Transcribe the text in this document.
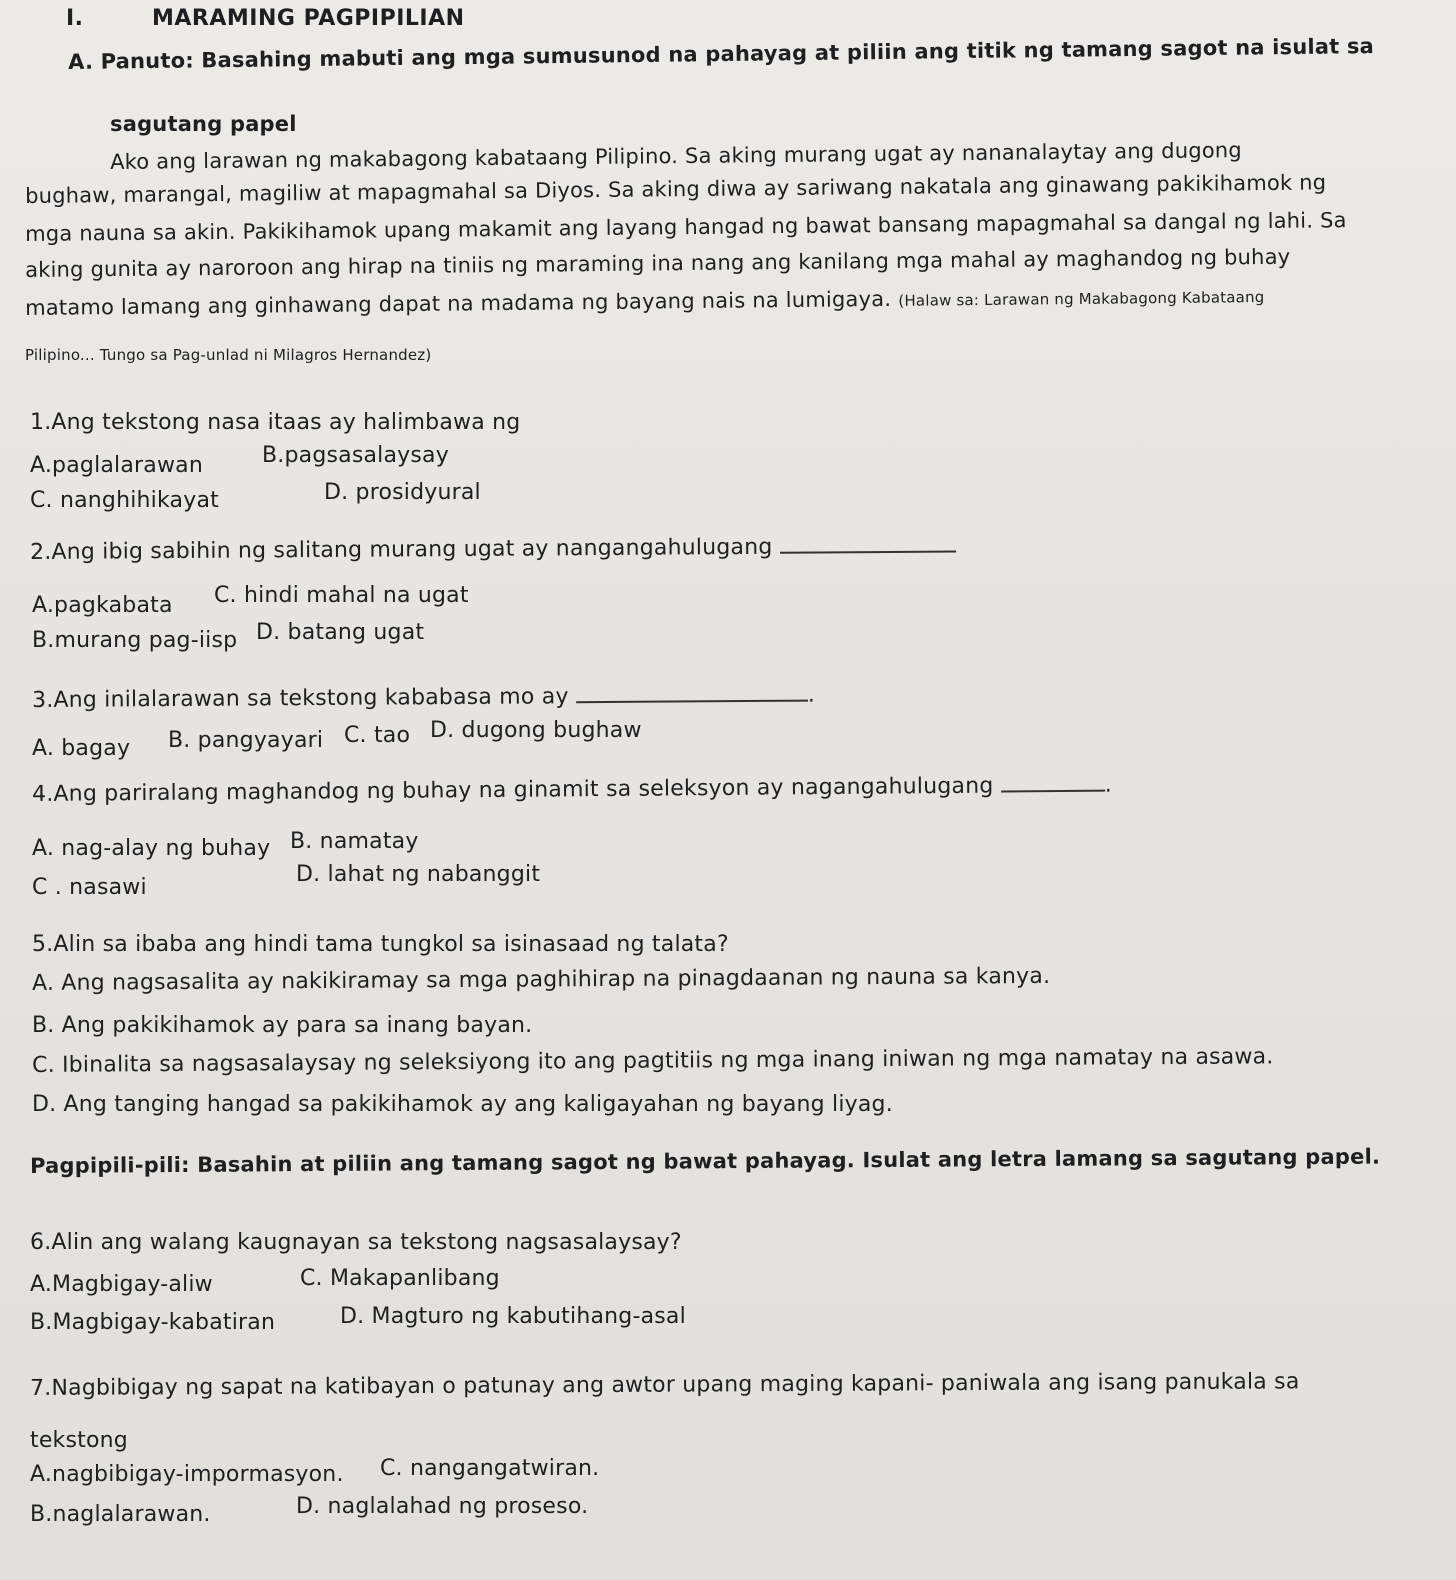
I.	MARAMING PAGPIPILIAN
A. Panuto: Basahing mabuti ang mga sumusunod na pahayag at piliin ang titik ng tamang sagot na isulat sa
sagutang papel
Ako ang larawan ng makabagong kabataang Pilipino. Sa aking murang ugat ay nananalaytay ang dugong
bughaw, marangal, magiliw at mapagmahal sa Diyos. Sa aking diwa ay sariwang nakatala ang ginawang pakikihamok ng
mga nauna sa akin. Pakikihamok upang makamit ang layang hangad ng bawat bansang mapagmahal sa dangal ng lahi. Sa
aking gunita ay naroroon ang hirap na tiniis ng maraming ina nang ang kanilang mga mahal ay maghandog ng buhay
matamo lamang ang ginhawang dapat na madama ng bayang nais na lumigaya. (Halaw sa: Larawan ng Makabagong Kabataang
Pilipino... Tungo sa Pag-unlad ni Milagros Hernandez)
1.Ang tekstong nasa itaas ay halimbawa ng
A.paglalarawan	B.pagsasalaysay
C. nanghihikayat	D. prosidyural
2.Ang ibig sabihin ng salitang murang ugat ay nangangahulugang
A.pagkabata C. hindi mahal na ugat
B.murang pag-iisp D. batang ugat
3.Ang inilalarawan sa tekstong kababasa mo ay	.
A. bagay B. pangyayari C. tao D. dugong bughaw
4.Ang pariralang maghandog ng buhay na ginamit sa seleksyon ay nagangahulugang	.
A. nag-alay ng buhay B. namatay
C . nasawi
D. lahat ng nabanggit
5.Alin sa ibaba ang hindi tama tungkol sa isinasaad ng talata?
A. Ang nagsasalita ay nakikiramay sa mga paghihirap na pinagdaanan ng nauna sa kanya.
B. Ang pakikihamok ay para sa inang bayan.
C. Ibinalita sa nagsasalaysay ng seleksiyong ito ang pagtitiis ng mga inang iniwan ng mga namatay na asawa.
D. Ang tanging hangad sa pakikihamok ay ang kaligayahan ng bayang liyag.
Pagpipili-pili: Basahin at piliin ang tamang sagot ng bawat pahayag. Isulat ang letra lamang sa sagutang papel.
6.Alin ang walang kaugnayan sa tekstong nagsasalaysay?
A.Magbigay-aliw	C. Makapanlibang
B.Magbigay-kabatiran	D. Magturo ng kabutihang-asal
7.Nagbibigay ng sapat na katibayan o patunay ang awtor upang maging kapani- paniwala ang isang panukala sa
tekstong
A.nagbibigay-impormasyon. C. nangangatwiran.
B.naglalarawan.	D. naglalahad ng proseso.
